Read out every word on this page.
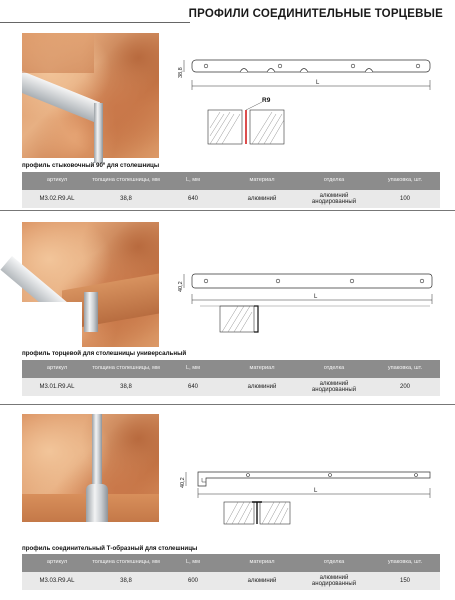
ПРОФИЛИ СОЕДИНИТЕЛЬНЫЕ ТОРЦЕВЫЕ
L
38,8
R9
профиль стыковочный 90º для столешницы
артикул	толщина столешницы, мм	L, мм	материал	отделка	упаковка, шт.
M3.02.R9.AL	38,8	640	алюминий	алюминий анодированный	100
L
40,2
профиль торцевой для столешницы универсальный
артикул	толщина столешницы, мм	L, мм	материал	отделка	упаковка, шт.
M3.01.R9.AL	38,8	640	алюминий	алюминий анодированный	200
L
40,2
профиль соединительный Т-образный для столешницы
артикул	толщина столешницы, мм	L, мм	материал	отделка	упаковка, шт.
M3.03.R9.AL	38,8	600	алюминий	алюминий анодированный	150
